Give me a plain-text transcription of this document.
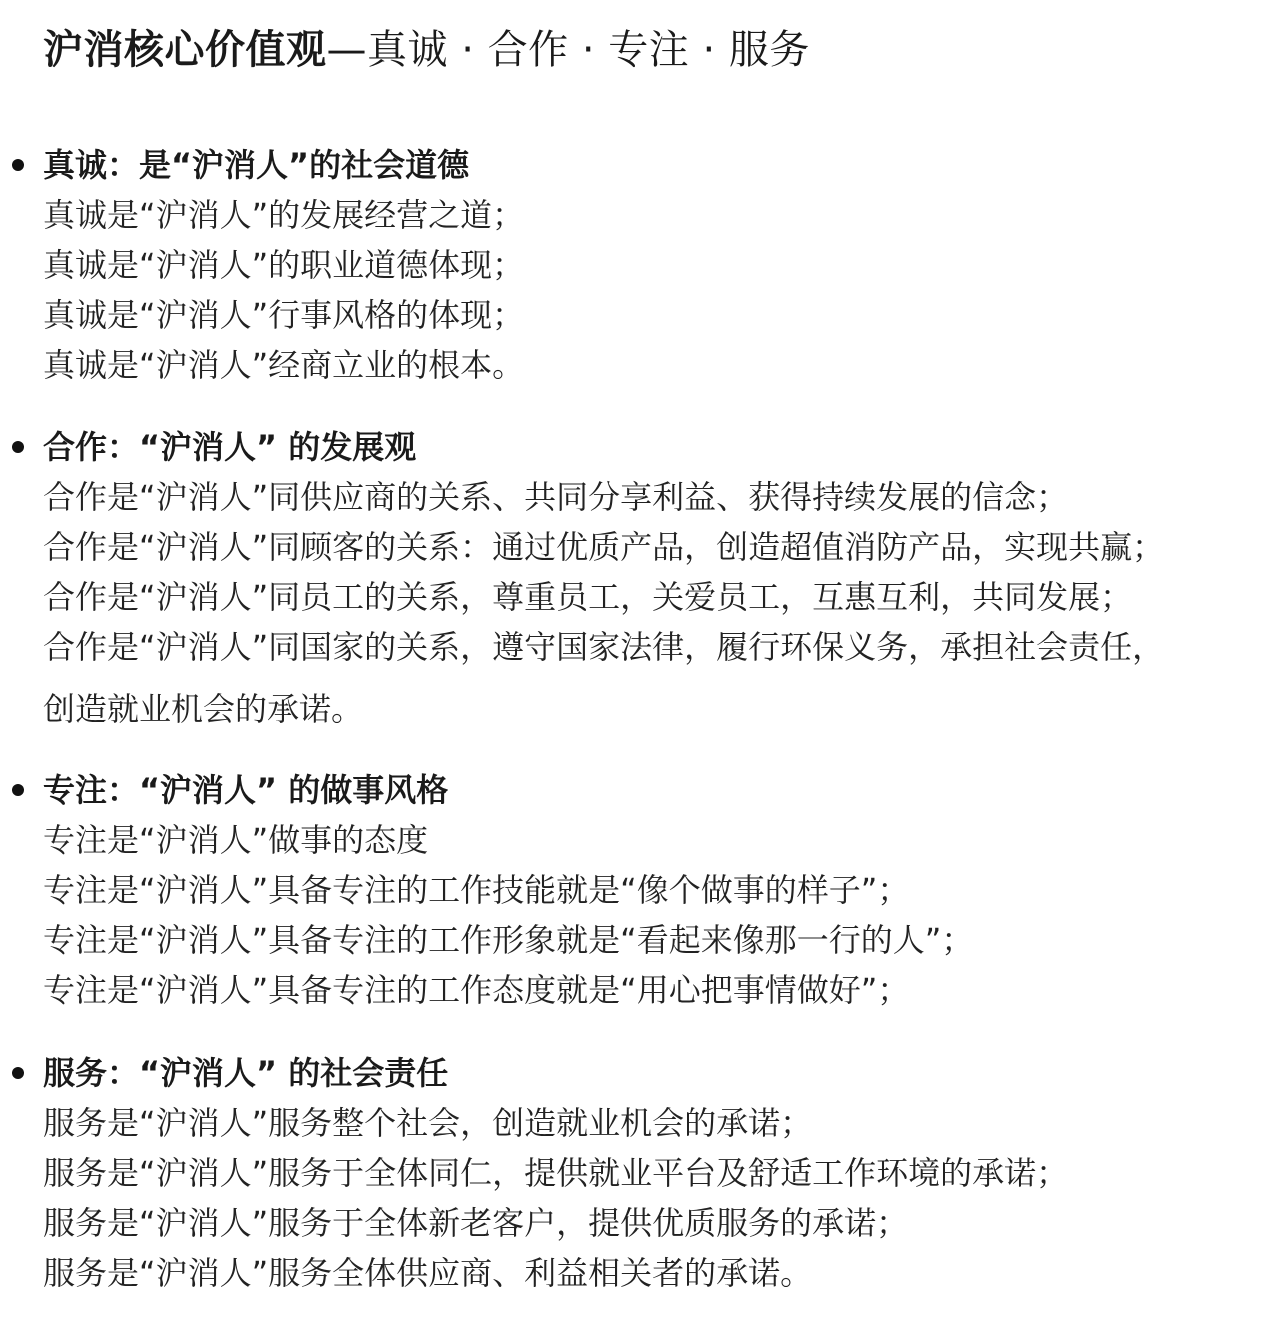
沪消核心价值观—真诚 · 合作 · 专注 · 服务
真诚：是“沪消人”的社会道德
真诚是“沪消人”的发展经营之道；
真诚是“沪消人”的职业道德体现；
真诚是“沪消人”行事风格的体现；
真诚是“沪消人”经商立业的根本。
合作：“沪消人” 的发展观
合作是“沪消人”同供应商的关系、共同分享利益、获得持续发展的信念；
合作是“沪消人”同顾客的关系：通过优质产品，创造超值消防产品，实现共赢；
合作是“沪消人”同员工的关系，尊重员工，关爱员工，互惠互利，共同发展；
合作是“沪消人”同国家的关系，遵守国家法律，履行环保义务，承担社会责任，
创造就业机会的承诺。
专注：“沪消人” 的做事风格
专注是“沪消人”做事的态度
专注是“沪消人”具备专注的工作技能就是“像个做事的样子”；
专注是“沪消人”具备专注的工作形象就是“看起来像那一行的人”；
专注是“沪消人”具备专注的工作态度就是“用心把事情做好”；
服务：“沪消人” 的社会责任
服务是“沪消人”服务整个社会，创造就业机会的承诺；
服务是“沪消人”服务于全体同仁，提供就业平台及舒适工作环境的承诺；
服务是“沪消人”服务于全体新老客户，提供优质服务的承诺；
服务是“沪消人”服务全体供应商、利益相关者的承诺。
